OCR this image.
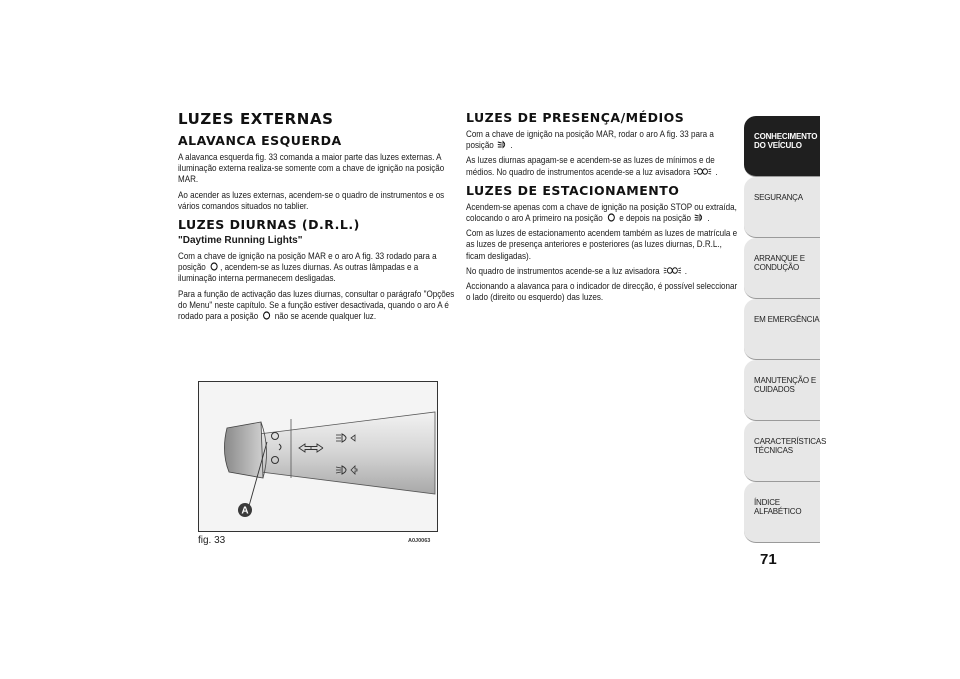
LUZES EXTERNAS
ALAVANCA ESQUERDA

A alavanca esquerda fig. 33 comanda a maior parte das luzes externas. A iluminação externa realiza-se somente com a chave de ignição na posição MAR.

Ao acender as luzes externas, acendem-se o quadro de instrumentos e os vários comandos situados no tablier.

LUZES DIURNAS (D.R.L.)
"Daytime Running Lights"

Com a chave de ignição na posição MAR e o aro A fig. 33 rodado para a posição , acendem-se as luzes diurnas. As outras lâmpadas e a iluminação interna permanecem desligadas.

Para a função de activação das luzes diurnas, consultar o parágrafo "Opções do Menu" neste capítulo. Se a função estiver desactivada, quando o aro A é rodado para a posição não se acende qualquer luz.

LUZES DE PRESENÇA/MÉDIOS

Com a chave de ignição na posição MAR, rodar o aro A fig. 33 para a posição .

As luzes diurnas apagam-se e acendem-se as luzes de mínimos e de médios. No quadro de instrumentos acende-se a luz avisadora	.

LUZES DE ESTACIONAMENTO

Acendem-se apenas com a chave de ignição na posição STOP ou extraída, colocando o aro A primeiro na posição e depois na posição .

Com as luzes de estacionamento acendem também as luzes de matrícula e as luzes de presença anteriores e posteriores (as luzes diurnas, D.R.L., ficam desligadas).

No quadro de instrumentos acende-se a luz avisadora	.

Accionando a alavanca para o indicador de direcção, é possível seleccionar o lado (direito ou esquerdo) das luzes.

A
fig. 33	A0J0063
CONHECIMENTO DO VEÍCULO
SEGURANÇA
ARRANQUE E CONDUÇÃO
EM EMERGÊNCIA
MANUTENÇÃO E CUIDADOS
CARACTERÍSTICAS TÉCNICAS
ÍNDICE ALFABÉTICO
71
